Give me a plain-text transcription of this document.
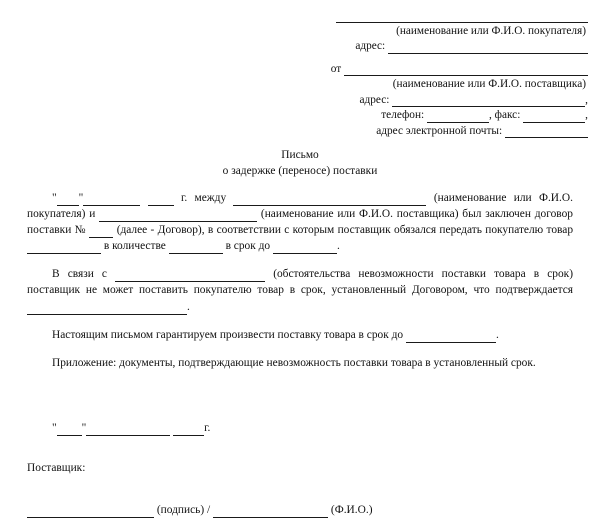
(наименование или Ф.И.О. покупателя)
адрес:
от
(наименование или Ф.И.О. поставщика)
адрес:	,
телефон:	, факс:	,
адрес электронной почты:
Письмо
о задержке (переносе) поставки

" "	г. между	(наименование или Ф.И.О. покупателя) и	(наименование или Ф.И.О. поставщика) был заключен договор поставки №	(далее - Договор), в соответствии с которым поставщик обязался передать покупателю товар  в количестве	в срок до	.

В связи с	(обстоятельства невозможности поставки товара в срок) поставщик не может поставить покупателю товар в срок, установленный Договором, что подтверждается.

Настоящим письмом гарантируем произвести поставку товара в срок до	.

Приложение: документы, подтверждающие невозможность поставки товара в установленный срок.

" "	г.
Поставщик:
(подпись) /	(Ф.И.О.)
